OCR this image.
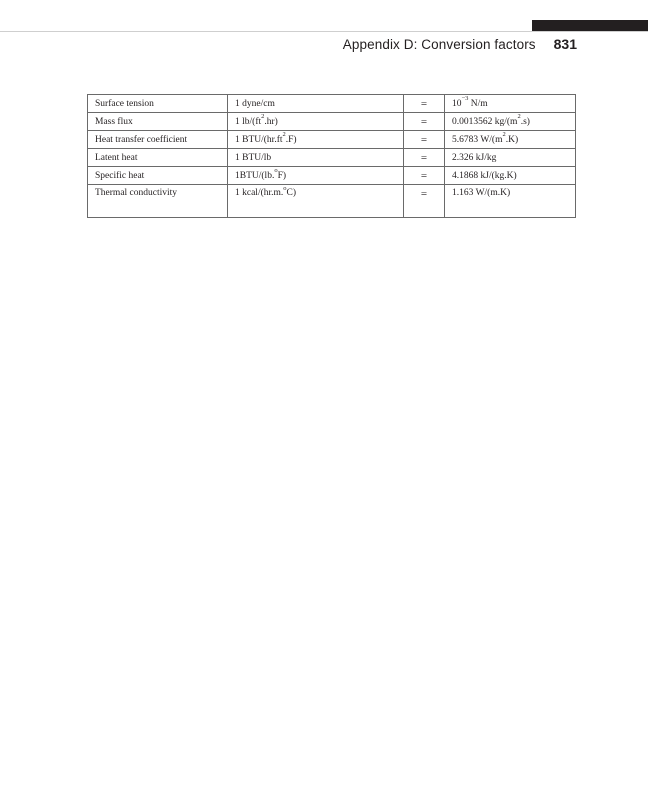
Appendix D: Conversion factors 831
Surface tension	1 dyne/cm	=	$10^{-3}$ N/m
Mass flux	1 $lb/(ft^2.hr)$	=	0.0013562 $kg/(m^2.s)$
Heat transfer coefficient	1 BTU/$(hr.ft^2.F)$	=	5.6783 $W/(m^2.K)$
Latent heat	1 BTU/lb	=	2.326 kJ/kg
Specific heat	1BTU/(lb.$^o$F)	=	4.1868 kJ/(kg.K)
Thermal conductivity	1 kcal/(hr.m.$^o$C)	=	1.163 W/(m.K)
